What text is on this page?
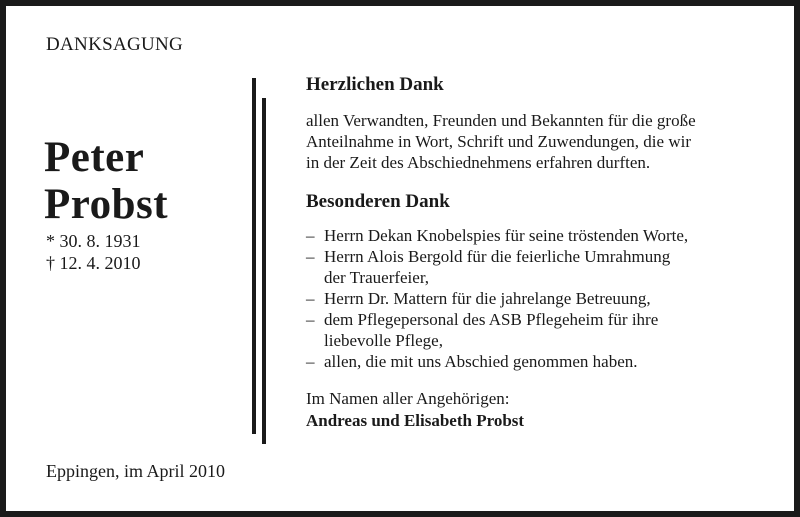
DANKSAGUNG
Peter
Probst
* 30. 8. 1931
† 12. 4. 2010
Herzlichen Dank
allen Verwandten, Freunden und Bekannten für die große
Anteilnahme in Wort, Schrift und Zuwendungen, die wir
in der Zeit des Abschiednehmens erfahren durften.
Besonderen Dank
– Herrn Dekan Knobelspies für seine tröstenden Worte,
– Herrn Alois Bergold für die feierliche Umrahmung
der Trauerfeier,
– Herrn Dr. Mattern für die jahrelange Betreuung,
– dem Pflegepersonal des ASB Pflegeheim für ihre
liebevolle Pflege,
– allen, die mit uns Abschied genommen haben.

Im Namen aller Angehörigen:

Andreas und Elisabeth Probst

Eppingen, im April 2010
